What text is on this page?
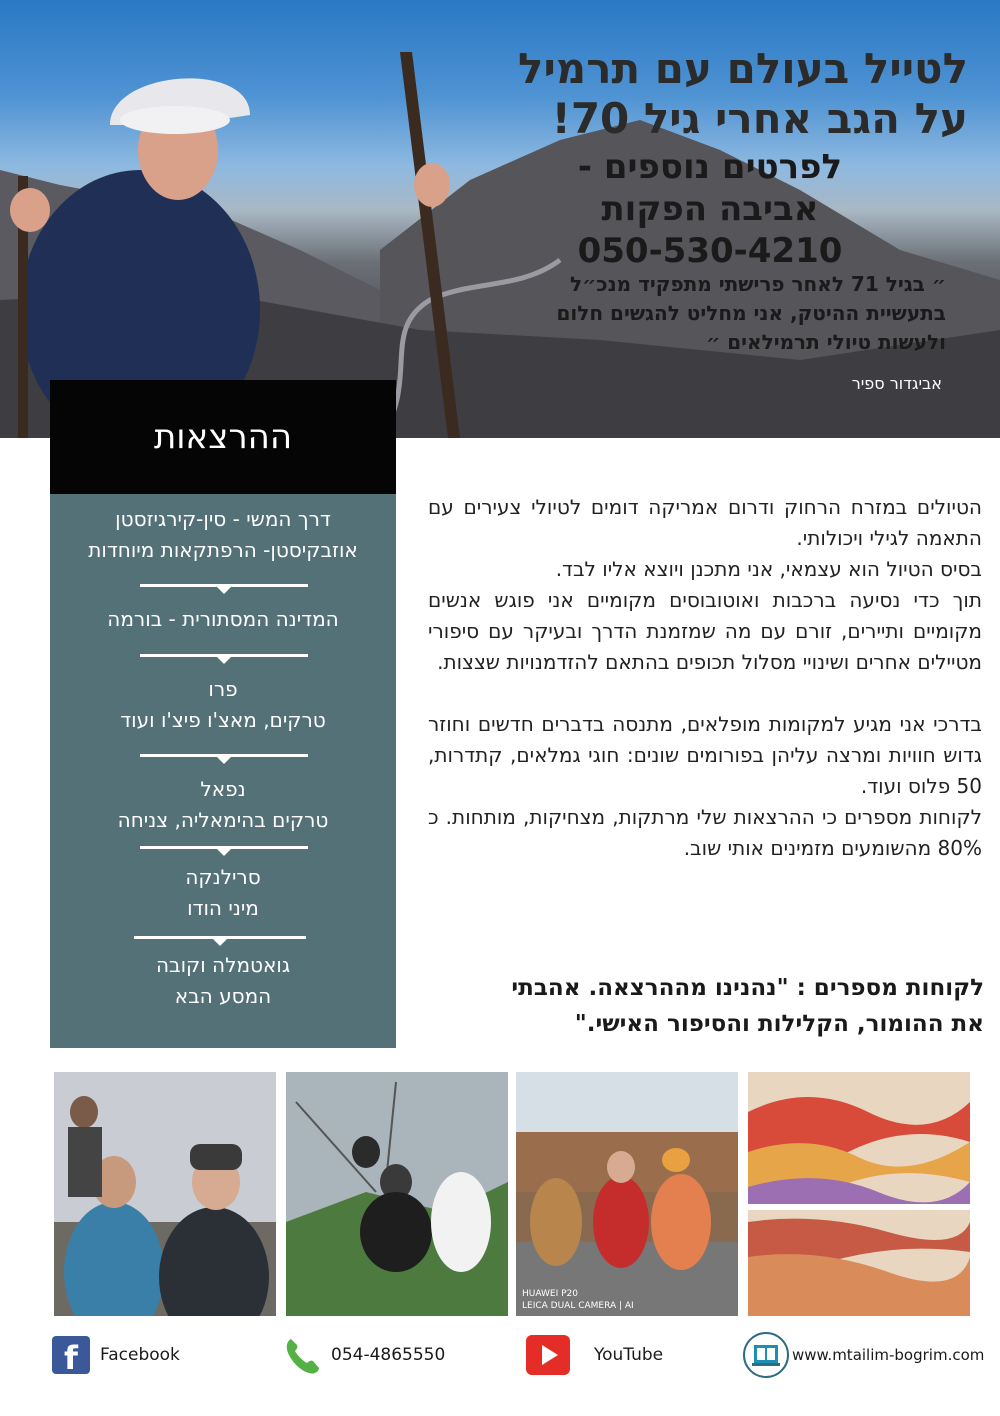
לטייל בעולם עם תרמיל
על הגב אחרי גיל 70!
לפרטים נוספים -
אביבה הפקות
050-530-4210
״ בגיל 71 לאחר פרישתי מתפקיד מנכ״ל
בתעשיית ההיטק, אני מחליט להגשים חלום
ולעשות טיולי תרמילאים ״
אביגדור ספיר
ההרצאות
דרך המשי - סין-קירגיזסטן
אוזבקיסטן- הרפתקאות מיוחדות
המדינה המסתורית - בורמה
פרו
טרקים, מאצ'ו פיצ'ו ועוד
נפאל
טרקים בהימאליה, צניחה
סרילנקה
מיני הודו
גואטמלה וקובה
המסע הבא

הטיולים במזרח הרחוק ודרום אמריקה דומים לטיולי צעירים עם התאמה לגילי ויכולותי.

בסיס הטיול הוא עצמאי, אני מתכנן ויוצא אליו לבד.

תוך כדי נסיעה ברכבות ואוטובוסים מקומיים אני פוגש אנשים מקומיים ותיירים, זורם עם מה שמזמנת הדרך ובעיקר עם סיפורי מטיילים אחרים ושינויי מסלול תכופים בהתאם להזדמנויות שצצות.

בדרכי אני מגיע למקומות מופלאים, מתנסה בדברים חדשים וחוזר גדוש חוויות ומרצה עליהן בפורומים שונים: חוגי גמלאים, קתדרות, 50 פלוס ועוד.

לקוחות מספרים כי ההרצאות שלי מרתקות, מצחיקות, מותחות. כ 80% מהשומעים מזמינים אותי שוב.

לקוחות מספרים : "נהנינו מההרצאה. אהבתי
את ההומור, הקלילות והסיפור האישי."
HUAWEI P20
LEICA DUAL CAMERA | AI
f Facebook	054-4865550	YouTube	www.mtailim-bogrim.com
